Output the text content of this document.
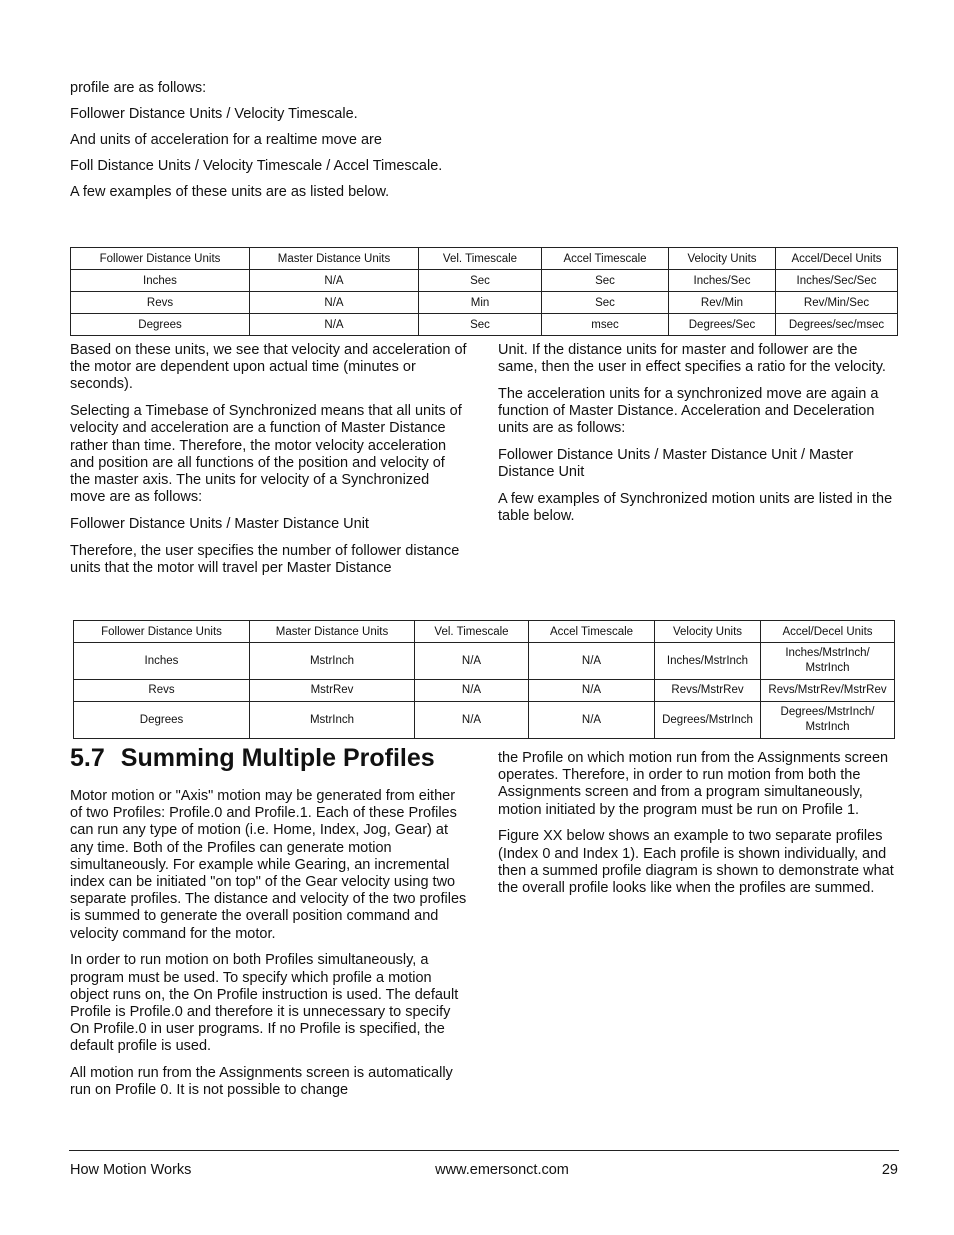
profile are as follows:

Follower Distance Units / Velocity Timescale.

And units of acceleration for a realtime move are

Foll Distance Units / Velocity Timescale / Accel Timescale.

A few examples of these units are as listed below.

Follower Distance Units	Master Distance Units	Vel. Timescale	Accel Timescale	Velocity Units	Accel/Decel Units
Inches	N/A	Sec	Sec	Inches/Sec	Inches/Sec/Sec
Revs	N/A	Min	Sec	Rev/Min	Rev/Min/Sec
Degrees	N/A	Sec	msec	Degrees/Sec	Degrees/sec/msec

Based on these units, we see that velocity and acceleration of the motor are dependent upon actual time (minutes or seconds).

Selecting a Timebase of Synchronized means that all units of velocity and acceleration are a function of Master Distance rather than time. Therefore, the motor velocity acceleration and position are all functions of the position and velocity of the master axis. The units for velocity of a Synchronized move are as follows:

Follower Distance Units / Master Distance Unit

Therefore, the user specifies the number of follower distance units that the motor will travel per Master Distance

Unit. If the distance units for master and follower are the same, then the user in effect specifies a ratio for the velocity.

The acceleration units for a synchronized move are again a function of Master Distance. Acceleration and Deceleration units are as follows:

Follower Distance Units / Master Distance Unit / Master Distance Unit

A few examples of Synchronized motion units are listed in the table below.

Follower Distance Units	Master Distance Units	Vel. Timescale	Accel Timescale	Velocity Units	Accel/Decel Units
Inches	MstrInch	N/A	N/A	Inches/MstrInch	Inches/MstrInch/ MstrInch
Revs	MstrRev	N/A	N/A	Revs/MstrRev	Revs/MstrRev/MstrRev
Degrees	MstrInch	N/A	N/A	Degrees/MstrInch	Degrees/MstrInch/ MstrInch
5.7 Summing Multiple Profiles

Motor motion or "Axis" motion may be generated from either of two Profiles: Profile.0 and Profile.1. Each of these Profiles can run any type of motion (i.e. Home, Index, Jog, Gear) at any time. Both of the Profiles can generate motion simultaneously. For example while Gearing, an incremental index can be initiated "on top" of the Gear velocity using two separate profiles. The distance and velocity of the two profiles is summed to generate the overall position command and velocity command for the motor.

In order to run motion on both Profiles simultaneously, a program must be used. To specify which profile a motion object runs on, the On Profile instruction is used. The default Profile is Profile.0 and therefore it is unnecessary to specify On Profile.0 in user programs. If no Profile is specified, the default profile is used.

All motion run from the Assignments screen is automatically run on Profile 0. It is not possible to change

the Profile on which motion run from the Assignments screen operates. Therefore, in order to run motion from both the Assignments screen and from a program simultaneously, motion initiated by the program must be run on Profile 1.

Figure XX below shows an example to two separate profiles (Index 0 and Index 1). Each profile is shown individually, and then a summed profile diagram is shown to demonstrate what the overall profile looks like when the profiles are summed.

How Motion Works	www.emersonct.com	29
